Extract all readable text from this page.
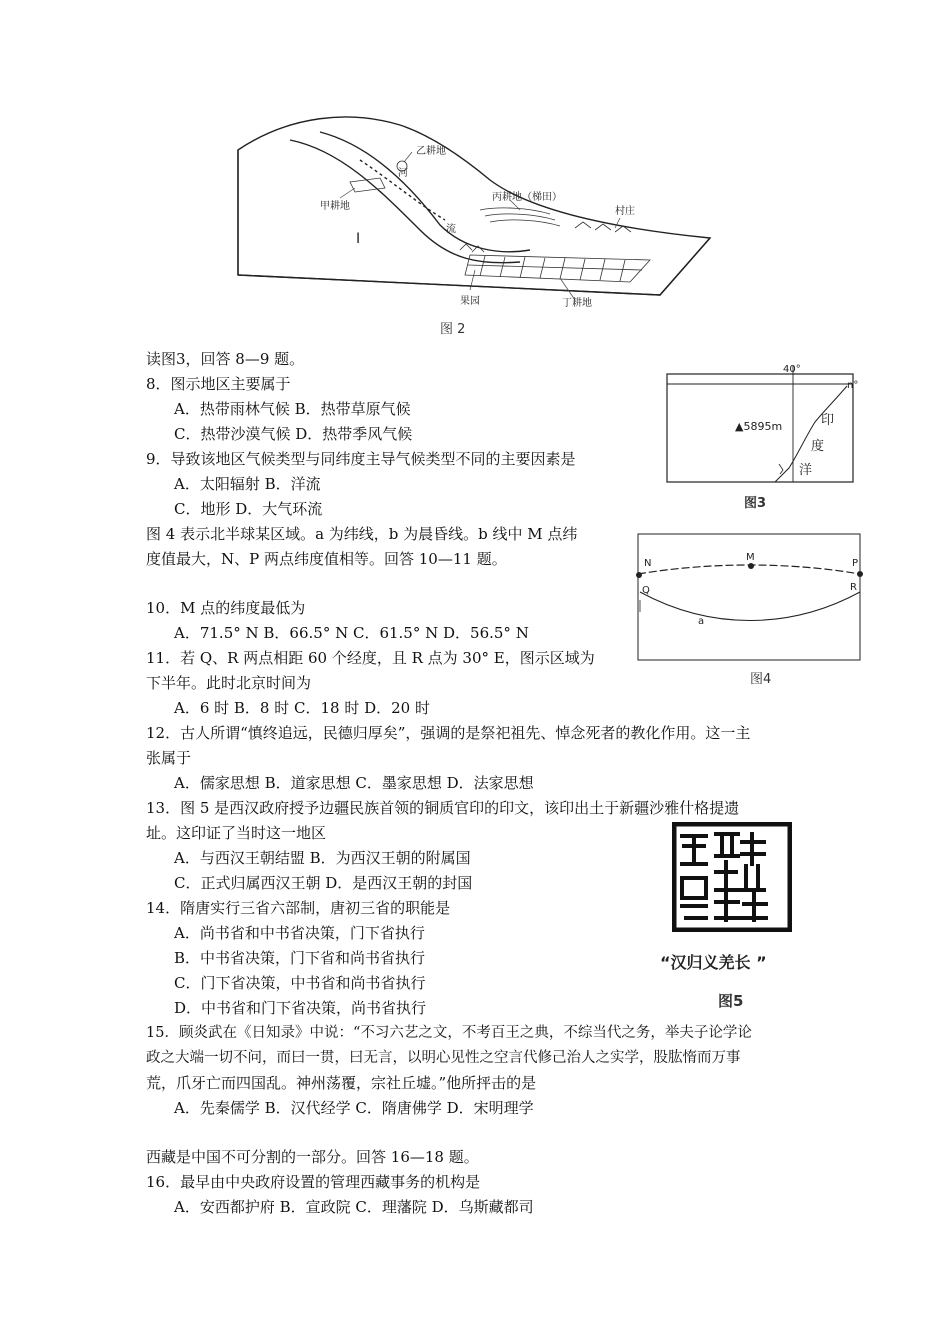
乙耕地
河
甲耕地
丙耕地（梯田）
村庄
流
I
果园	丁耕地
图 2
40°
n°
▲5895m	印
度
洋
图3
N
M
P
Q	R
a
图4
“汉归义羌长 ”
图5
读图3，回答 8—9 题。
8．图示地区主要属于
A．热带雨林气候 B．热带草原气候
C．热带沙漠气候 D．热带季风气候
9．导致该地区气候类型与同纬度主导气候类型不同的主要因素是
A．太阳辐射 B．洋流
C．地形 D．大气环流
图 4 表示北半球某区域。a 为纬线，b 为晨昏线。b 线中 M 点纬
度值最大，N、P 两点纬度值相等。回答 10—11 题。
10．M 点的纬度最低为
A．71.5° N B．66.5° N C．61.5° N D．56.5° N
11．若 Q、R 两点相距 60 个经度，且 R 点为 30° E，图示区域为
下半年。此时北京时间为
A．6 时 B．8 时 C．18 时 D．20 时
12．古人所谓“慎终追远，民德归厚矣”，强调的是祭祀祖先、悼念死者的教化作用。这一主
张属于
A．儒家思想 B．道家思想 C．墨家思想 D．法家思想
13．图 5 是西汉政府授予边疆民族首领的铜质官印的印文，该印出土于新疆沙雅什格提遗
址。这印证了当时这一地区
A．与西汉王朝结盟 B．为西汉王朝的附属国
C．正式归属西汉王朝 D．是西汉王朝的封国
14．隋唐实行三省六部制，唐初三省的职能是
A．尚书省和中书省决策，门下省执行
B．中书省决策，门下省和尚书省执行
C．门下省决策，中书省和尚书省执行
D．中书省和门下省决策，尚书省执行
15．顾炎武在《日知录》中说：“不习六艺之文，不考百王之典，不综当代之务，举夫子论学论
政之大端一切不问，而曰一贯，曰无言，以明心见性之空言代修己治人之实学，股肱惰而万事
荒，爪牙亡而四国乱。神州荡覆，宗社丘墟。”他所抨击的是
A．先秦儒学 B．汉代经学 C．隋唐佛学 D．宋明理学
西藏是中国不可分割的一部分。回答 16—18 题。
16．最早由中央政府设置的管理西藏事务的机构是
A．安西都护府 B．宣政院 C．理藩院 D．乌斯藏都司
